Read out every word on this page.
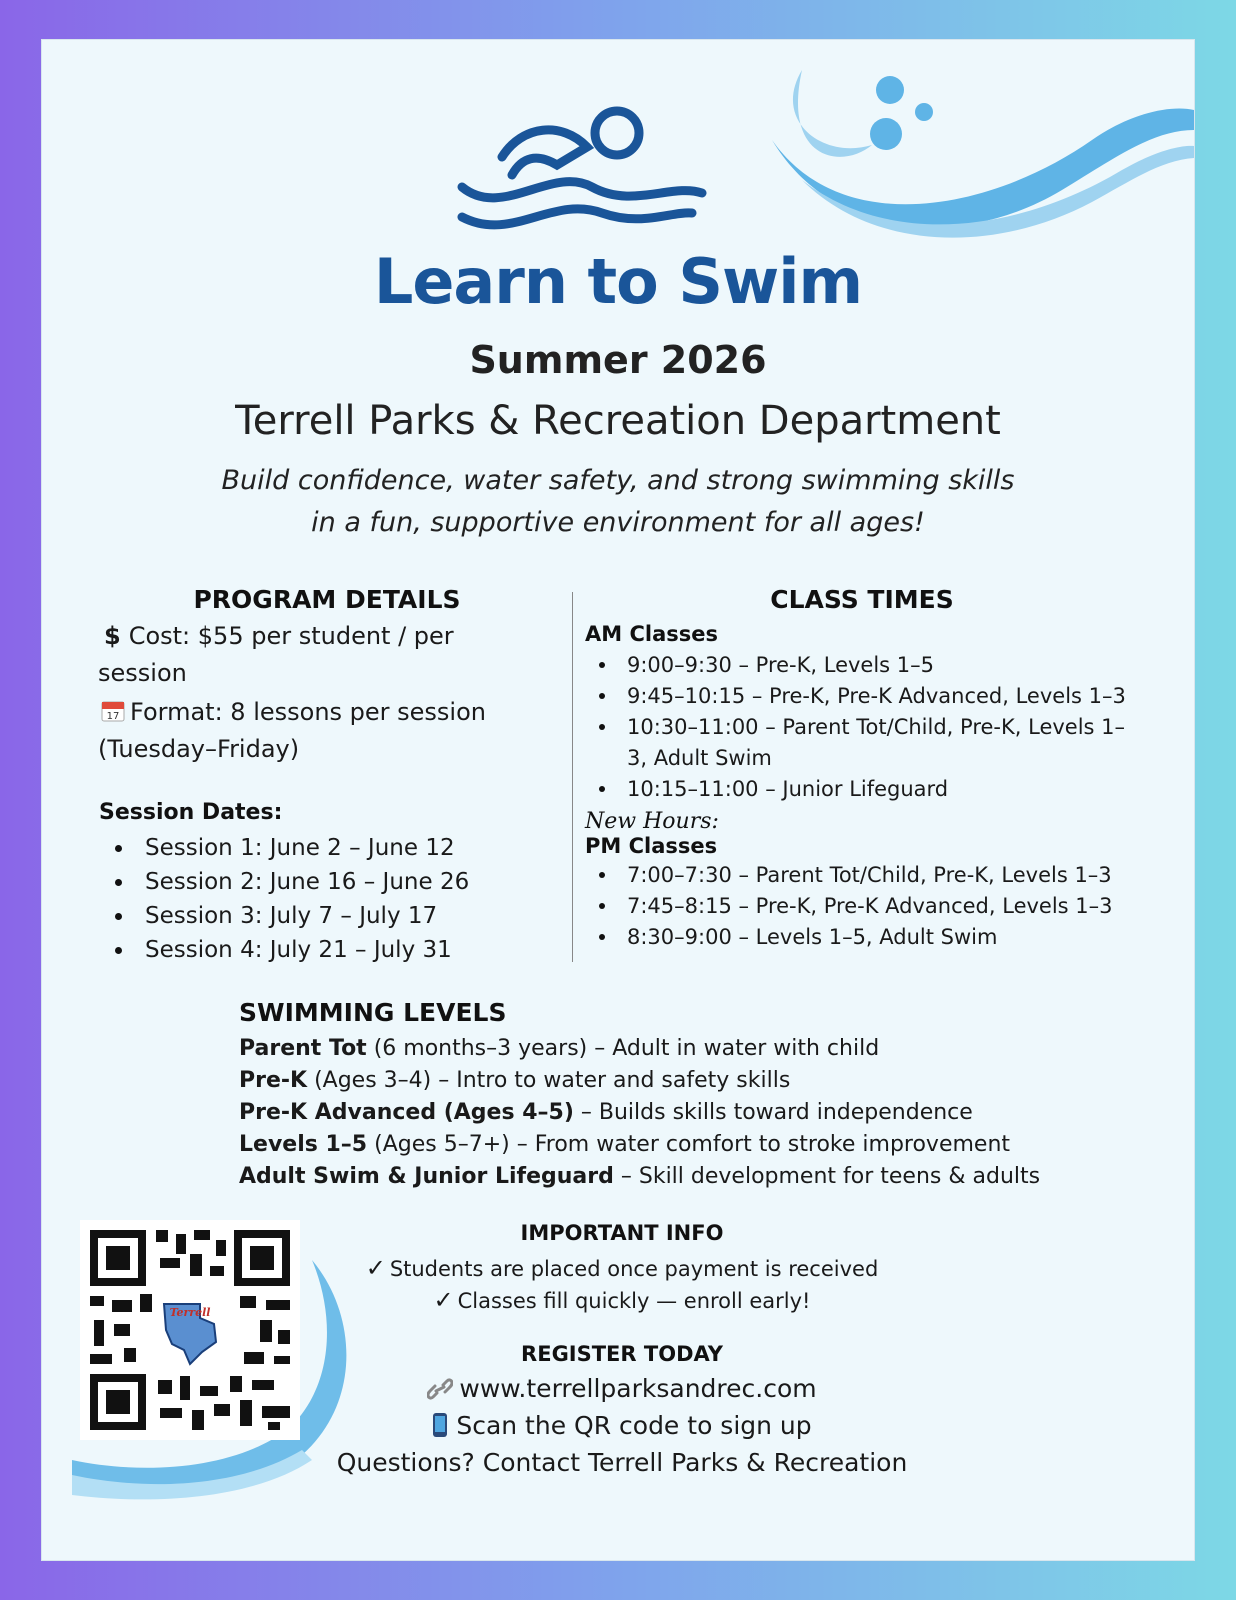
Learn to Swim
Summer 2026
Terrell Parks & Recreation Department
Build confidence, water safety, and strong swimming skills
in a fun, supportive environment for all ages!
PROGRAM DETAILS
$ Cost: $55 per student / per
session
17 Format: 8 lessons per session
(Tuesday–Friday)
Session Dates:
Session 1: June 2 – June 12
Session 2: June 16 – June 26
Session 3: July 7 – July 17
Session 4: July 21 – July 31
CLASS TIMES
AM Classes
9:00–9:30 – Pre-K, Levels 1–5
9:45–10:15 – Pre-K, Pre-K Advanced, Levels 1–3
10:30–11:00 – Parent Tot/Child, Pre-K, Levels 1–3, Adult Swim
10:15–11:00 – Junior Lifeguard
New Hours:
PM Classes
7:00–7:30 – Parent Tot/Child, Pre-K, Levels 1–3
7:45–8:15 – Pre-K, Pre-K Advanced, Levels 1–3
8:30–9:00 – Levels 1–5, Adult Swim
SWIMMING LEVELS
Parent Tot (6 months–3 years) – Adult in water with child
Pre-K (Ages 3–4) – Intro to water and safety skills
Pre-K Advanced (Ages 4–5) – Builds skills toward independence
Levels 1–5 (Ages 5–7+) – From water comfort to stroke improvement
Adult Swim & Junior Lifeguard – Skill development for teens & adults
Terrell
IMPORTANT INFO
✓ Students are placed once payment is received
✓ Classes fill quickly — enroll early!
REGISTER TODAY
www.terrellparksandrec.com
Scan the QR code to sign up
Questions? Contact Terrell Parks & Recreation
